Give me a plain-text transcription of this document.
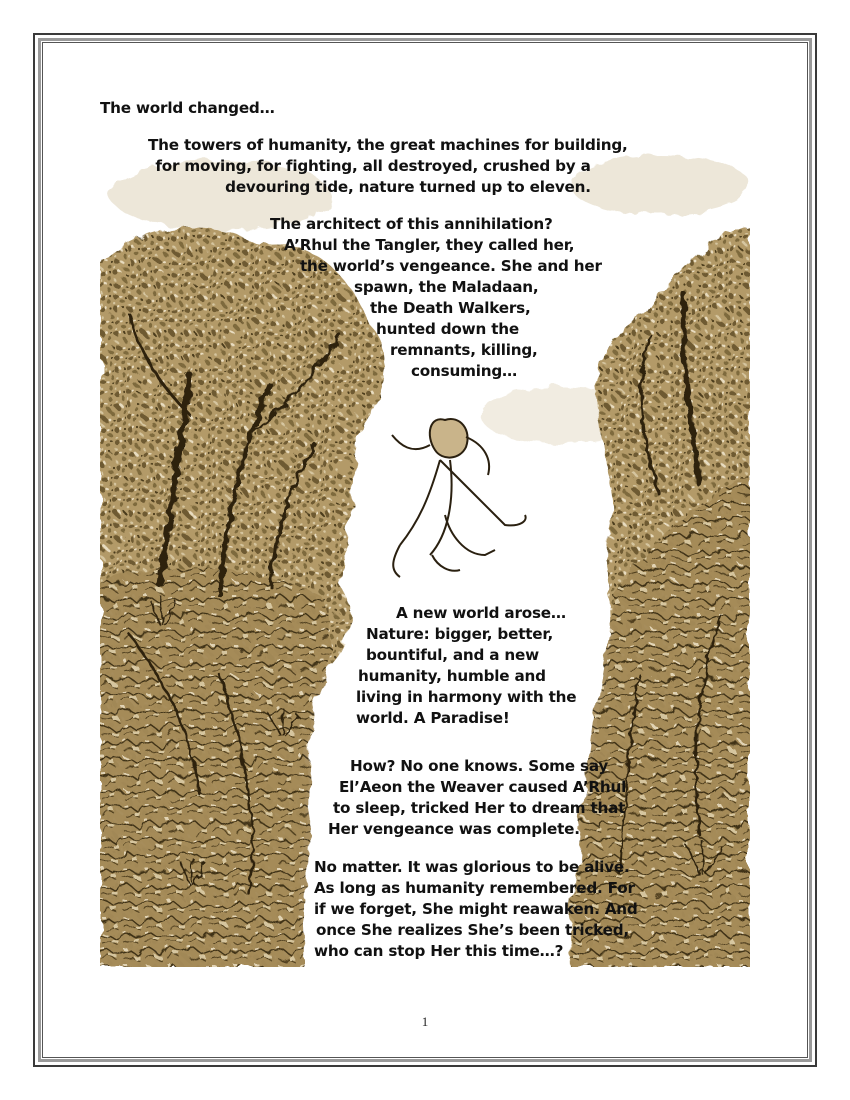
The world changed…
The towers of humanity, the great machines for building,
for moving, for fighting, all destroyed, crushed by a
devouring tide, nature turned up to eleven.
The architect of this annihilation?
A’Rhul the Tangler, they called her,
the world’s vengeance. She and her
spawn, the Maladaan,
the Death Walkers,
hunted down the
remnants, killing,
consuming…
A new world arose…
Nature: bigger, better,
bountiful, and a new
humanity, humble and
living in harmony with the
world. A Paradise!
How? No one knows. Some say
El’Aeon the Weaver caused A’Rhul
to sleep, tricked Her to dream that
Her vengeance was complete.
No matter. It was glorious to be alive.
As long as humanity remembered. For
if we forget, She might reawaken. And
once She realizes She’s been tricked,
who can stop Her this time…?
1
